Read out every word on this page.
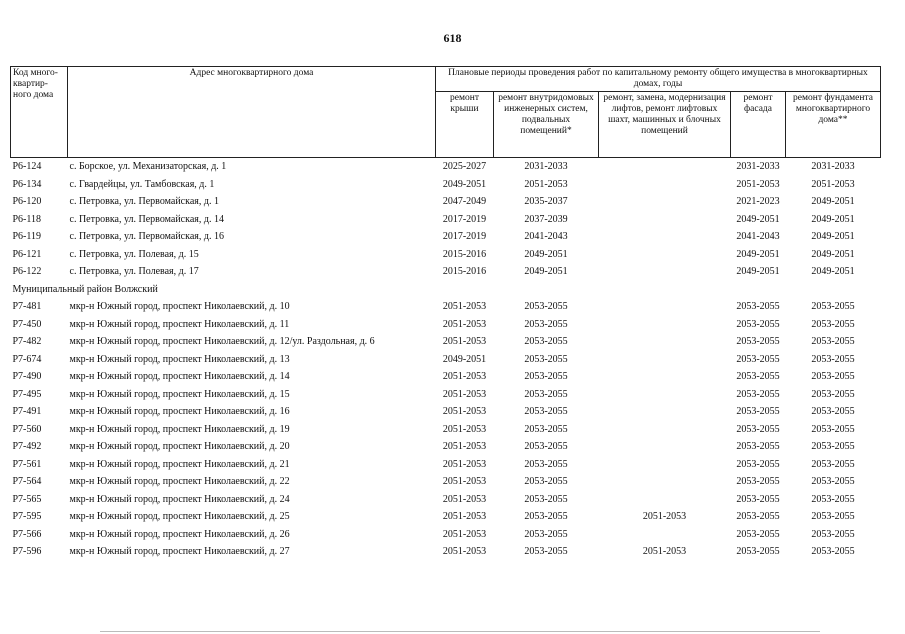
618
Код много-квартир-ного дома	Адрес многоквартирного дома	Плановые периоды проведения работ по капитальному ремонту общего имущества в многоквартирных домах, годы				
		ремонт крыши	ремонт внутридомовых инженерных систем, подвальных помещений*	ремонт, замена, модернизация лифтов, ремонт лифтовых шахт, машинных и блочных помещений	ремонт фасада	ремонт фундамента многоквартирного дома**
Р6-124	с. Борское, ул. Механизаторская, д. 1	2025-2027	2031-2033		2031-2033	2031-2033
Р6-134	с. Гвардейцы, ул. Тамбовская, д. 1	2049-2051	2051-2053		2051-2053	2051-2053
Р6-120	с. Петровка, ул. Первомайская, д. 1	2047-2049	2035-2037		2021-2023	2049-2051
Р6-118	с. Петровка, ул. Первомайская, д. 14	2017-2019	2037-2039		2049-2051	2049-2051
Р6-119	с. Петровка, ул. Первомайская, д. 16	2017-2019	2041-2043		2041-2043	2049-2051
Р6-121	с. Петровка, ул. Полевая, д. 15	2015-2016	2049-2051		2049-2051	2049-2051
Р6-122	с. Петровка, ул. Полевая, д. 17	2015-2016	2049-2051		2049-2051	2049-2051
Муниципальный район Волжский						
Р7-481	мкр-н Южный город, проспект Николаевский, д. 10	2051-2053	2053-2055		2053-2055	2053-2055
Р7-450	мкр-н Южный город, проспект Николаевский, д. 11	2051-2053	2053-2055		2053-2055	2053-2055
Р7-482	мкр-н Южный город, проспект Николаевский, д. 12/ул. Раздольная, д. 6	2051-2053	2053-2055		2053-2055	2053-2055
Р7-674	мкр-н Южный город, проспект Николаевский, д. 13	2049-2051	2053-2055		2053-2055	2053-2055
Р7-490	мкр-н Южный город, проспект Николаевский, д. 14	2051-2053	2053-2055		2053-2055	2053-2055
Р7-495	мкр-н Южный город, проспект Николаевский, д. 15	2051-2053	2053-2055		2053-2055	2053-2055
Р7-491	мкр-н Южный город, проспект Николаевский, д. 16	2051-2053	2053-2055		2053-2055	2053-2055
Р7-560	мкр-н Южный город, проспект Николаевский, д. 19	2051-2053	2053-2055		2053-2055	2053-2055
Р7-492	мкр-н Южный город, проспект Николаевский, д. 20	2051-2053	2053-2055		2053-2055	2053-2055
Р7-561	мкр-н Южный город, проспект Николаевский, д. 21	2051-2053	2053-2055		2053-2055	2053-2055
Р7-564	мкр-н Южный город, проспект Николаевский, д. 22	2051-2053	2053-2055		2053-2055	2053-2055
Р7-565	мкр-н Южный город, проспект Николаевский, д. 24	2051-2053	2053-2055		2053-2055	2053-2055
Р7-595	мкр-н Южный город, проспект Николаевский, д. 25	2051-2053	2053-2055	2051-2053	2053-2055	2053-2055
Р7-566	мкр-н Южный город, проспект Николаевский, д. 26	2051-2053	2053-2055		2053-2055	2053-2055
Р7-596	мкр-н Южный город, проспект Николаевский, д. 27	2051-2053	2053-2055	2051-2053	2053-2055	2053-2055
